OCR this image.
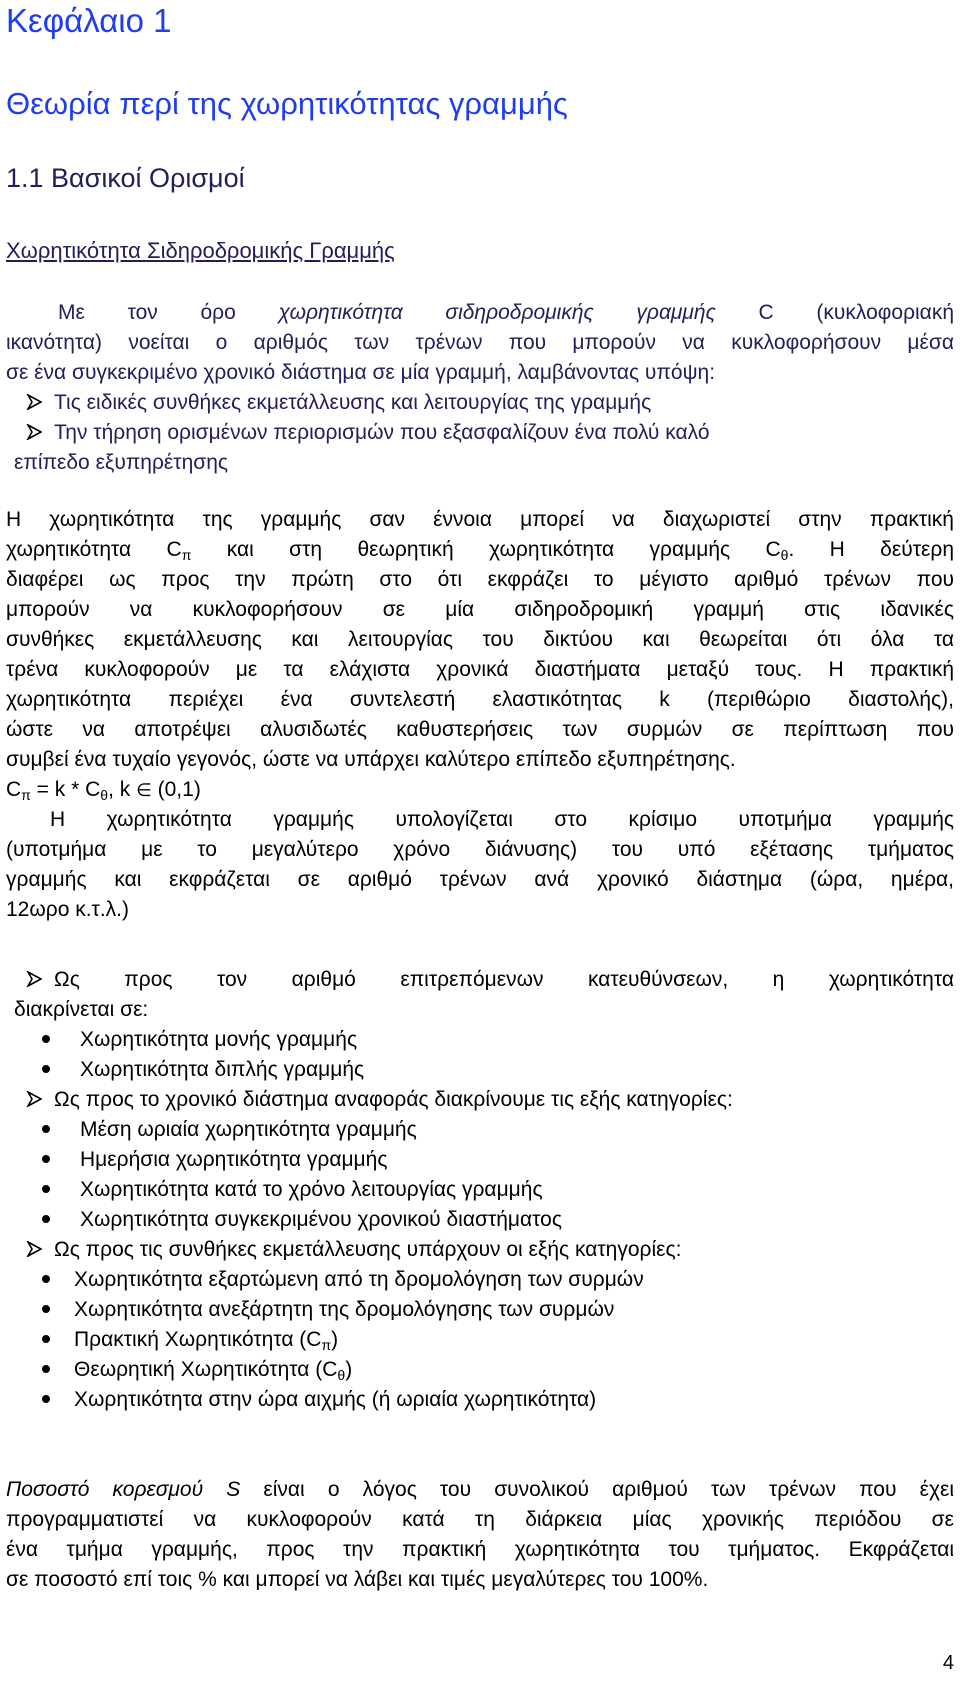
Κεφάλαιο 1
Θεωρία περί της χωρητικότητας γραμμής
1.1 Βασικοί Ορισμοί
Χωρητικότητα Σιδηροδρομικής Γραμμής
Με τον όρο χωρητικότητα σιδηροδρομικής γραμμής C (κυκλοφοριακή
ικανότητα) νοείται ο αριθμός των τρένων που μπορούν να κυκλοφορήσουν μέσα
σε ένα συγκεκριμένο χρονικό διάστημα σε μία γραμμή, λαμβάνοντας υπόψη:
Τις ειδικές συνθήκες εκμετάλλευσης και λειτουργίας της γραμμής
Την τήρηση ορισμένων περιορισμών που εξασφαλίζουν ένα πολύ καλό
επίπεδο εξυπηρέτησης
Η χωρητικότητα της γραμμής σαν έννοια μπορεί να διαχωριστεί στην πρακτική
χωρητικότητα $C_\pi$ και στη θεωρητική χωρητικότητα γραμμής $C_\theta$. Η δεύτερη
διαφέρει ως προς την πρώτη στο ότι εκφράζει το μέγιστο αριθμό τρένων που
μπορούν να κυκλοφορήσουν σε μία σιδηροδρομική γραμμή στις ιδανικές
συνθήκες εκμετάλλευσης και λειτουργίας του δικτύου και θεωρείται ότι όλα τα
τρένα κυκλοφορούν με τα ελάχιστα χρονικά διαστήματα μεταξύ τους. Η πρακτική
χωρητικότητα περιέχει ένα συντελεστή ελαστικότητας k (περιθώριο διαστολής),
ώστε να αποτρέψει αλυσιδωτές καθυστερήσεις των συρμών σε περίπτωση που
συμβεί ένα τυχαίο γεγονός, ώστε να υπάρχει καλύτερο επίπεδο εξυπηρέτησης.
$C_\pi = k * C_\theta$, k ∈ (0,1)
Η χωρητικότητα γραμμής υπολογίζεται στο κρίσιμο υποτμήμα γραμμής
(υποτμήμα με το μεγαλύτερο χρόνο διάνυσης) του υπό εξέτασης τμήματος
γραμμής και εκφράζεται σε αριθμό τρένων ανά χρονικό διάστημα (ώρα, ημέρα,
12ωρο κ.τ.λ.)
Ως προς τον αριθμό επιτρεπόμενων κατευθύνσεων, η χωρητικότητα
διακρίνεται σε:
Χωρητικότητα μονής γραμμής
Χωρητικότητα διπλής γραμμής
Ως προς το χρονικό διάστημα αναφοράς διακρίνουμε τις εξής κατηγορίες:
Μέση ωριαία χωρητικότητα γραμμής
Ημερήσια χωρητικότητα γραμμής
Χωρητικότητα κατά το χρόνο λειτουργίας γραμμής
Χωρητικότητα συγκεκριμένου χρονικού διαστήματος
Ως προς τις συνθήκες εκμετάλλευσης υπάρχουν οι εξής κατηγορίες:
Χωρητικότητα εξαρτώμενη από τη δρομολόγηση των συρμών
Χωρητικότητα ανεξάρτητη της δρομολόγησης των συρμών
Πρακτική Χωρητικότητα $(C_\pi)$
Θεωρητική Χωρητικότητα $(C_\theta)$
Χωρητικότητα στην ώρα αιχμής (ή ωριαία χωρητικότητα)
Ποσοστό κορεσμού S είναι ο λόγος του συνολικού αριθμού των τρένων που έχει
προγραμματιστεί να κυκλοφορούν κατά τη διάρκεια μίας χρονικής περιόδου σε
ένα τμήμα γραμμής, προς την πρακτική χωρητικότητα του τμήματος. Εκφράζεται
σε ποσοστό επί τοις % και μπορεί να λάβει και τιμές μεγαλύτερες του 100%.
4
